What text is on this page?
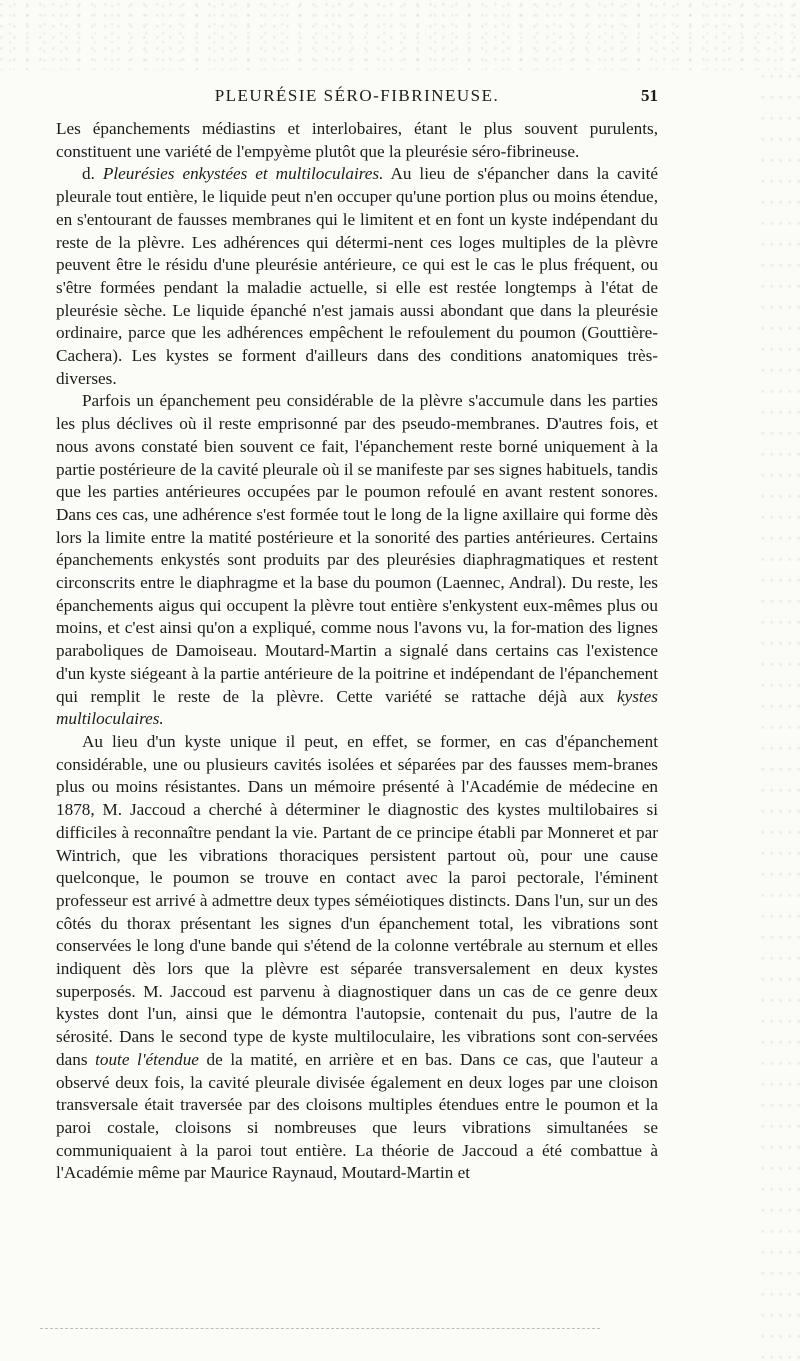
PLEURÉSIE SÉRO-FIBRINEUSE.	51

Les épanchements médiastins et interlobaires, étant le plus souvent purulents, constituent une variété de l'empyème plutôt que la pleurésie séro-fibrineuse.

d. Pleurésies enkystées et multiloculaires. Au lieu de s'épancher dans la cavité pleurale tout entière, le liquide peut n'en occuper qu'une portion plus ou moins étendue, en s'entourant de fausses membranes qui le limitent et en font un kyste indépendant du reste de la plèvre. Les adhérences qui détermi-nent ces loges multiples de la plèvre peuvent être le résidu d'une pleurésie antérieure, ce qui est le cas le plus fréquent, ou s'être formées pendant la maladie actuelle, si elle est restée longtemps à l'état de pleurésie sèche. Le liquide épanché n'est jamais aussi abondant que dans la pleurésie ordinaire, parce que les adhérences empêchent le refoulement du poumon (Gouttière-Cachera). Les kystes se forment d'ailleurs dans des conditions anatomiques très-diverses.

Parfois un épanchement peu considérable de la plèvre s'accumule dans les parties les plus déclives où il reste emprisonné par des pseudo-membranes. D'autres fois, et nous avons constaté bien souvent ce fait, l'épanchement reste borné uniquement à la partie postérieure de la cavité pleurale où il se manifeste par ses signes habituels, tandis que les parties antérieures occupées par le poumon refoulé en avant restent sonores. Dans ces cas, une adhérence s'est formée tout le long de la ligne axillaire qui forme dès lors la limite entre la matité postérieure et la sonorité des parties antérieures. Certains épanchements enkystés sont produits par des pleurésies diaphragmatiques et restent circonscrits entre le diaphragme et la base du poumon (Laennec, Andral). Du reste, les épanchements aigus qui occupent la plèvre tout entière s'enkystent eux-mêmes plus ou moins, et c'est ainsi qu'on a expliqué, comme nous l'avons vu, la for-mation des lignes paraboliques de Damoiseau. Moutard-Martin a signalé dans certains cas l'existence d'un kyste siégeant à la partie antérieure de la poitrine et indépendant de l'épanchement qui remplit le reste de la plèvre. Cette variété se rattache déjà aux kystes multiloculaires.

Au lieu d'un kyste unique il peut, en effet, se former, en cas d'épanchement considérable, une ou plusieurs cavités isolées et séparées par des fausses mem-branes plus ou moins résistantes. Dans un mémoire présenté à l'Académie de médecine en 1878, M. Jaccoud a cherché à déterminer le diagnostic des kystes multilobaires si difficiles à reconnaître pendant la vie. Partant de ce principe établi par Monneret et par Wintrich, que les vibrations thoraciques persistent partout où, pour une cause quelconque, le poumon se trouve en contact avec la paroi pectorale, l'éminent professeur est arrivé à admettre deux types séméiotiques distincts. Dans l'un, sur un des côtés du thorax présentant les signes d'un épanchement total, les vibrations sont conservées le long d'une bande qui s'étend de la colonne vertébrale au sternum et elles indiquent dès lors que la plèvre est séparée transversalement en deux kystes superposés. M. Jaccoud est parvenu à diagnostiquer dans un cas de ce genre deux kystes dont l'un, ainsi que le démontra l'autopsie, contenait du pus, l'autre de la sérosité. Dans le second type de kyste multiloculaire, les vibrations sont con-servées dans toute l'étendue de la matité, en arrière et en bas. Dans ce cas, que l'auteur a observé deux fois, la cavité pleurale divisée également en deux loges par une cloison transversale était traversée par des cloisons multiples étendues entre le poumon et la paroi costale, cloisons si nombreuses que leurs vibrations simultanées se communiquaient à la paroi tout entière. La théorie de Jaccoud a été combattue à l'Académie même par Maurice Raynaud, Moutard-Martin et
